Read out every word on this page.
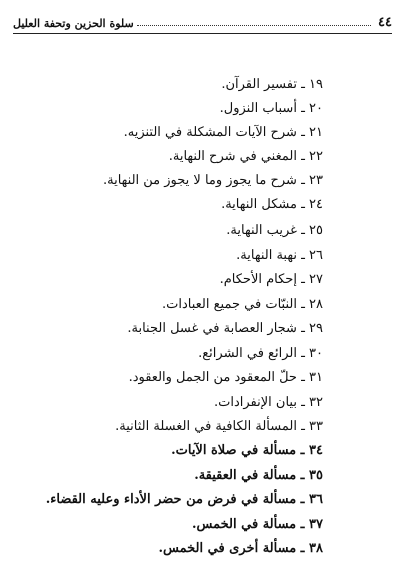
٤٤
سلوة الحزين وتحفة العليل
١٩ ـ تفسير القرآن.
٢٠ ـ أسباب النزول.
٢١ ـ شرح الآيات المشكلة في التنزيه.
٢٢ ـ المغني في شرح النهاية.
٢٣ ـ شرح ما يجوز وما لا يجوز من النهاية.
٢٤ ـ مشكل النهاية.
٢٥ ـ غريب النهاية.
٢٦ ـ نهبة النهاية.
٢٧ ـ إحكام الأحكام.
٢٨ ـ النبّات في جميع العبادات.
٢٩ ـ شجار العصابة في غسل الجنابة.
٣٠ ـ الرائع في الشرائع.
٣١ ـ حلّ المعقود من الجمل والعقود.
٣٢ ـ بيان الإنفرادات.
٣٣ ـ المسألة الكافية في الغسلة الثانية.
٣٤ ـ مسألة في صلاة الآيات.
٣٥ ـ مسألة في العقيقة.
٣٦ ـ مسألة في فرض من حضر الأداء وعليه القضاء.
٣٧ ـ مسألة في الخمس.
٣٨ ـ مسألة أخرى في الخمس.
